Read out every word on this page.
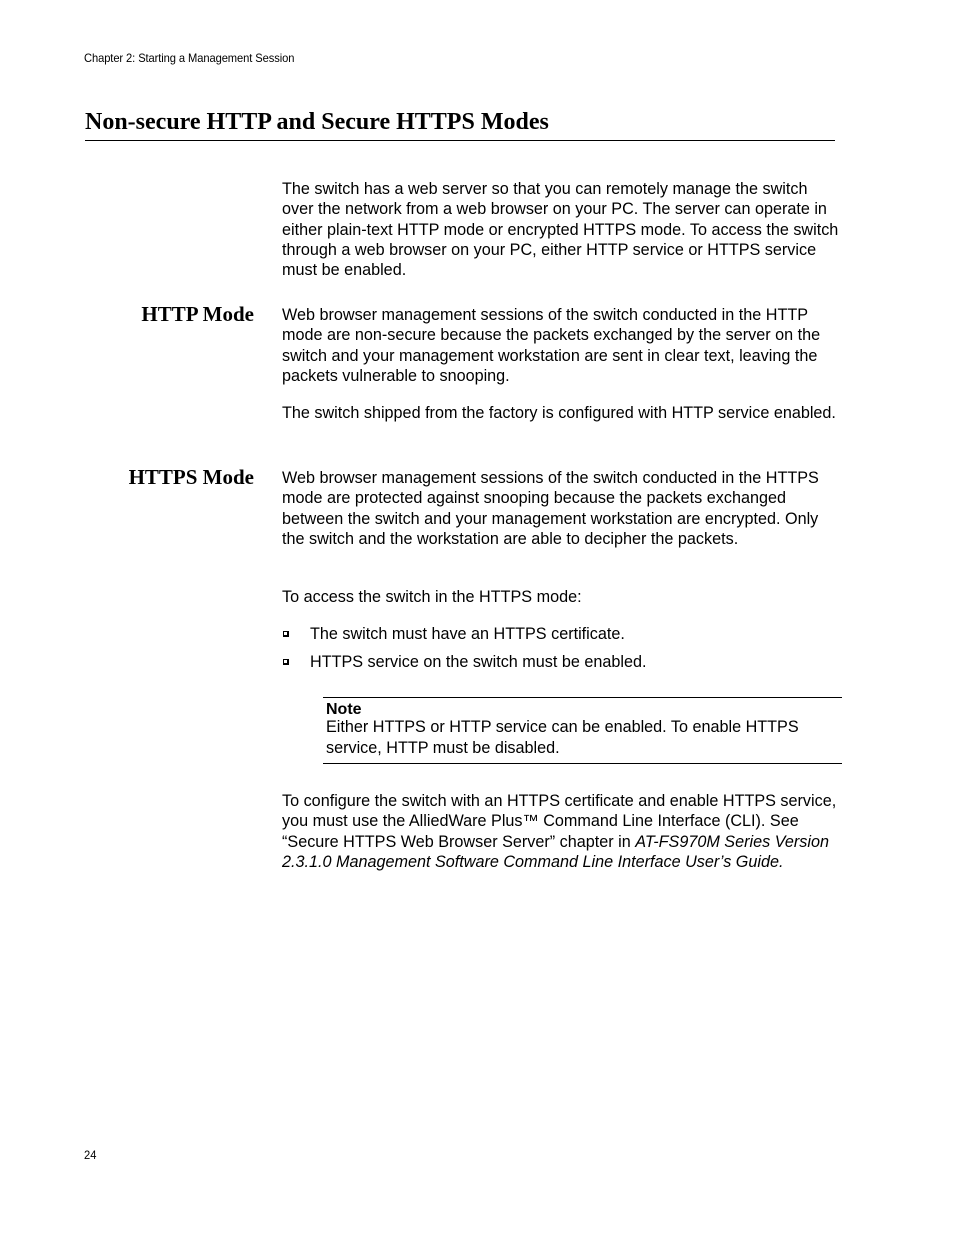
Chapter 2: Starting a Management Session
Non-secure HTTP and Secure HTTPS Modes

The switch has a web server so that you can remotely manage the switch over the network from a web browser on your PC. The server can operate in either plain-text HTTP mode or encrypted HTTPS mode. To access the switch through a web browser on your PC, either HTTP service or HTTPS service must be enabled.

HTTP Mode Web browser management sessions of the switch conducted in the HTTP mode are non-secure because the packets exchanged by the server on the switch and your management workstation are sent in clear text, leaving the packets vulnerable to snooping.

The switch shipped from the factory is configured with HTTP service enabled.

HTTPS Mode Web browser management sessions of the switch conducted in the HTTPS mode are protected against snooping because the packets exchanged between the switch and your management workstation are encrypted. Only the switch and the workstation are able to decipher the packets.

To access the switch in the HTTPS mode:

The switch must have an HTTPS certificate.
HTTPS service on the switch must be enabled.
Note
Either HTTPS or HTTP service can be enabled. To enable HTTPS service, HTTP must be disabled.

To configure the switch with an HTTPS certificate and enable HTTPS service, you must use the AlliedWare Plus™ Command Line Interface (CLI). See “Secure HTTPS Web Browser Server” chapter in AT-FS970M Series Version 2.3.1.0 Management Software Command Line Interface User’s Guide.

24
